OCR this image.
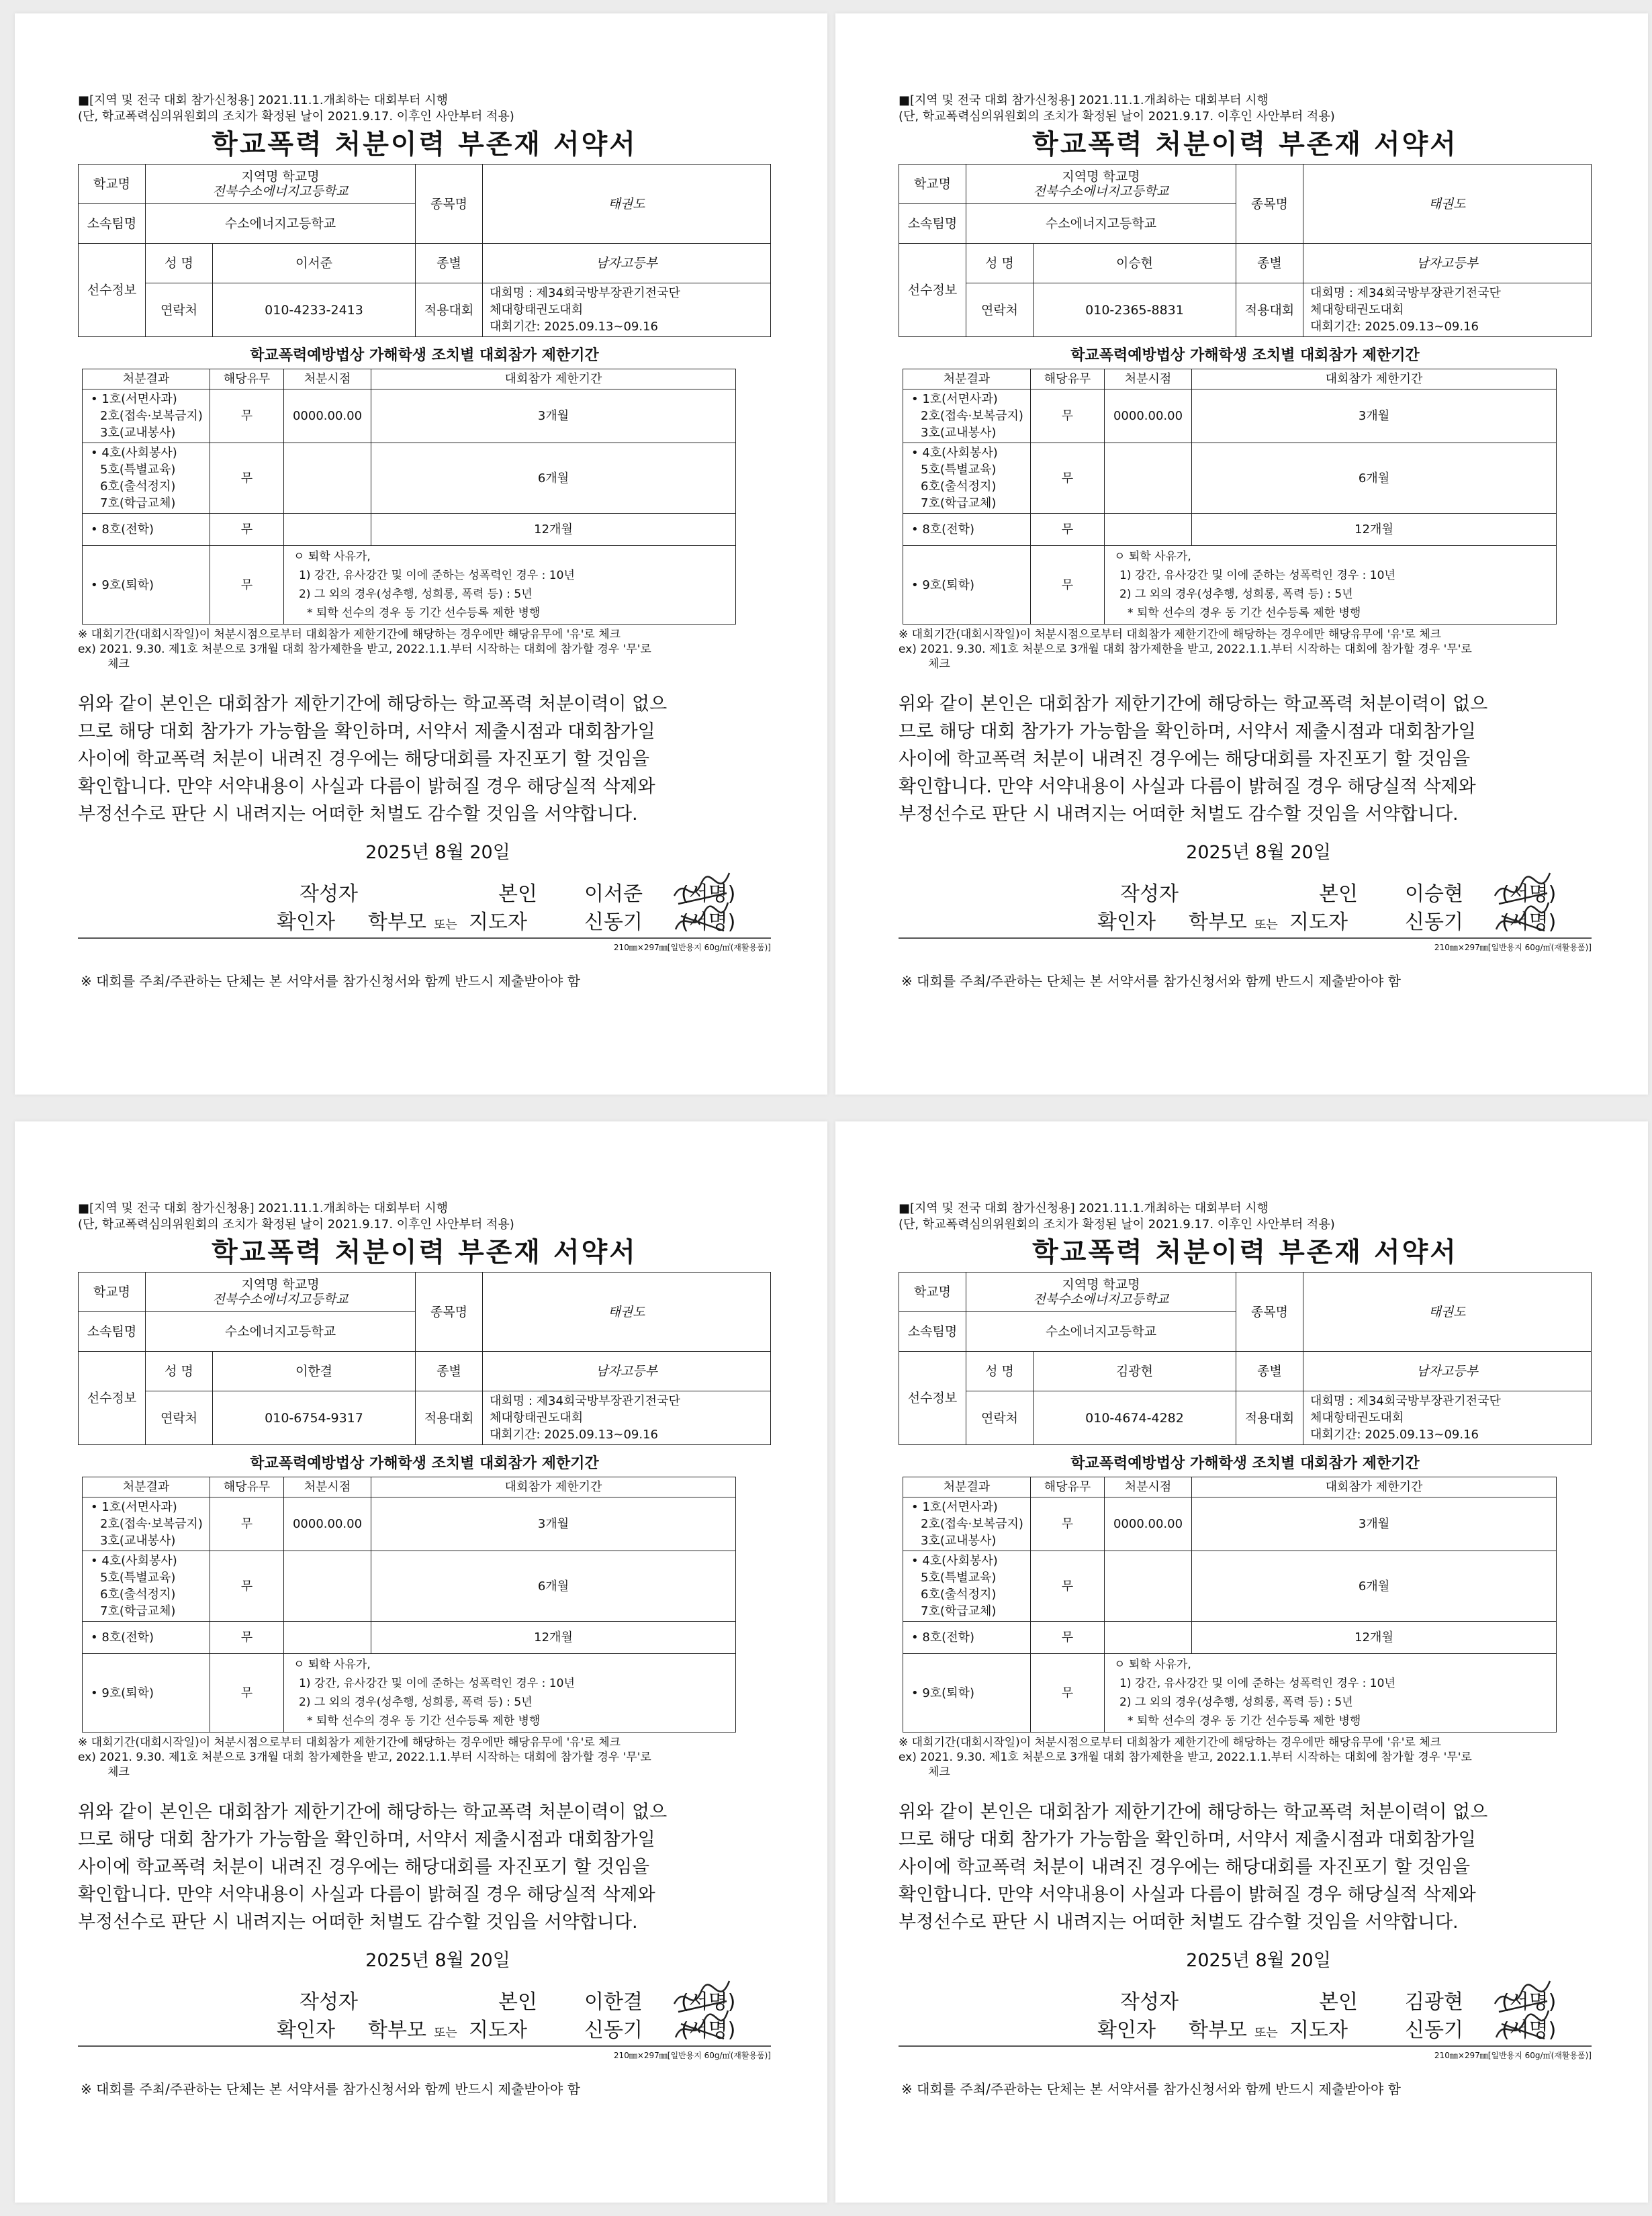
■[지역 및 전국 대회 참가신청용] 2021.11.1.개최하는 대회부터 시행
(단, 학교폭력심의위원회의 조치가 확정된 날이 2021.9.17. 이후인 사안부터 적용)
학교폭력 처분이력 부존재 서약서
학교명	지역명 학교명
전북수소에너지고등학교		종목명	태권도
소속팀명	수소에너지고등학교			
선수정보	성 명	이서준	종별	남자고등부
	연락처	010-4233-2413	적용대회	대회명 : 제34회국방부장관기전국단
체대항태권도대회
대회기간: 2025.09.13~09.16
학교폭력예방법상 가해학생 조치별 대회참가 제한기간
처분결과	해당유무	처분시점	대회참가 제한기간

• 1호(서면사과)
2호(접속·보복금지)
3호(교내봉사)	무	0000.00.00	3개월

• 4호(사회봉사)
5호(특별교육)
6호(출석정지)
7호(학급교체)	무		6개월
• 8호(전학)	무		12개월
• 9호(퇴학)	무	ㅇ 퇴학 사유가,
1) 강간, 유사강간 및 이에 준하는 성폭력인 경우 : 10년
2) 그 외의 경우(성추행, 성희롱, 폭력 등) : 5년
* 퇴학 선수의 경우 동 기간 선수등록 제한 병행	
※ 대회기간(대회시작일)이 처분시점으로부터 대회참가 제한기간에 해당하는 경우에만 해당유무에 '유'로 체크
ex) 2021. 9.30. 제1호 처분으로 3개월 대회 참가제한을 받고, 2022.1.1.부터 시작하는 대회에 참가할 경우 '무'로
체크
위와 같이 본인은 대회참가 제한기간에 해당하는 학교폭력 처분이력이 없으
므로 해당 대회 참가가 가능함을 확인하며, 서약서 제출시점과 대회참가일
사이에 학교폭력 처분이 내려진 경우에는 해당대회를 자진포기 할 것임을
확인합니다. 만약 서약내용이 사실과 다름이 밝혀질 경우 해당실적 삭제와
부정선수로 판단 시 내려지는 어떠한 처벌도 감수할 것임을 서약합니다.
2025년 8월 20일
작성자	본인 이서준 (서명)
확인자 학부모 또는 지도자	신동기 (서명)
210㎜×297㎜[일반용지 60g/㎡(재활용품)]
※ 대회를 주최/주관하는 단체는 본 서약서를 참가신청서와 함께 반드시 제출받아야 함
■[지역 및 전국 대회 참가신청용] 2021.11.1.개최하는 대회부터 시행
(단, 학교폭력심의위원회의 조치가 확정된 날이 2021.9.17. 이후인 사안부터 적용)
학교폭력 처분이력 부존재 서약서
학교명	지역명 학교명
전북수소에너지고등학교		종목명	태권도
소속팀명	수소에너지고등학교			
선수정보	성 명	이승현	종별	남자고등부
	연락처	010-2365-8831	적용대회	대회명 : 제34회국방부장관기전국단
체대항태권도대회
대회기간: 2025.09.13~09.16
학교폭력예방법상 가해학생 조치별 대회참가 제한기간
처분결과	해당유무	처분시점	대회참가 제한기간

• 1호(서면사과)
2호(접속·보복금지)
3호(교내봉사)	무	0000.00.00	3개월

• 4호(사회봉사)
5호(특별교육)
6호(출석정지)
7호(학급교체)	무		6개월
• 8호(전학)	무		12개월
• 9호(퇴학)	무	ㅇ 퇴학 사유가,
1) 강간, 유사강간 및 이에 준하는 성폭력인 경우 : 10년
2) 그 외의 경우(성추행, 성희롱, 폭력 등) : 5년
* 퇴학 선수의 경우 동 기간 선수등록 제한 병행	
※ 대회기간(대회시작일)이 처분시점으로부터 대회참가 제한기간에 해당하는 경우에만 해당유무에 '유'로 체크
ex) 2021. 9.30. 제1호 처분으로 3개월 대회 참가제한을 받고, 2022.1.1.부터 시작하는 대회에 참가할 경우 '무'로
체크
위와 같이 본인은 대회참가 제한기간에 해당하는 학교폭력 처분이력이 없으
므로 해당 대회 참가가 가능함을 확인하며, 서약서 제출시점과 대회참가일
사이에 학교폭력 처분이 내려진 경우에는 해당대회를 자진포기 할 것임을
확인합니다. 만약 서약내용이 사실과 다름이 밝혀질 경우 해당실적 삭제와
부정선수로 판단 시 내려지는 어떠한 처벌도 감수할 것임을 서약합니다.
2025년 8월 20일
작성자	본인 이승현 (서명)
확인자 학부모 또는 지도자	신동기 (서명)
210㎜×297㎜[일반용지 60g/㎡(재활용품)]
※ 대회를 주최/주관하는 단체는 본 서약서를 참가신청서와 함께 반드시 제출받아야 함
■[지역 및 전국 대회 참가신청용] 2021.11.1.개최하는 대회부터 시행
(단, 학교폭력심의위원회의 조치가 확정된 날이 2021.9.17. 이후인 사안부터 적용)
학교폭력 처분이력 부존재 서약서
학교명	지역명 학교명
전북수소에너지고등학교		종목명	태권도
소속팀명	수소에너지고등학교			
선수정보	성 명	이한결	종별	남자고등부
	연락처	010-6754-9317	적용대회	대회명 : 제34회국방부장관기전국단
체대항태권도대회
대회기간: 2025.09.13~09.16
학교폭력예방법상 가해학생 조치별 대회참가 제한기간
처분결과	해당유무	처분시점	대회참가 제한기간

• 1호(서면사과)
2호(접속·보복금지)
3호(교내봉사)	무	0000.00.00	3개월

• 4호(사회봉사)
5호(특별교육)
6호(출석정지)
7호(학급교체)	무		6개월
• 8호(전학)	무		12개월
• 9호(퇴학)	무	ㅇ 퇴학 사유가,
1) 강간, 유사강간 및 이에 준하는 성폭력인 경우 : 10년
2) 그 외의 경우(성추행, 성희롱, 폭력 등) : 5년
* 퇴학 선수의 경우 동 기간 선수등록 제한 병행	
※ 대회기간(대회시작일)이 처분시점으로부터 대회참가 제한기간에 해당하는 경우에만 해당유무에 '유'로 체크
ex) 2021. 9.30. 제1호 처분으로 3개월 대회 참가제한을 받고, 2022.1.1.부터 시작하는 대회에 참가할 경우 '무'로
체크
위와 같이 본인은 대회참가 제한기간에 해당하는 학교폭력 처분이력이 없으
므로 해당 대회 참가가 가능함을 확인하며, 서약서 제출시점과 대회참가일
사이에 학교폭력 처분이 내려진 경우에는 해당대회를 자진포기 할 것임을
확인합니다. 만약 서약내용이 사실과 다름이 밝혀질 경우 해당실적 삭제와
부정선수로 판단 시 내려지는 어떠한 처벌도 감수할 것임을 서약합니다.
2025년 8월 20일
작성자	본인 이한결 (서명)
확인자 학부모 또는 지도자	신동기 (서명)
210㎜×297㎜[일반용지 60g/㎡(재활용품)]
※ 대회를 주최/주관하는 단체는 본 서약서를 참가신청서와 함께 반드시 제출받아야 함
■[지역 및 전국 대회 참가신청용] 2021.11.1.개최하는 대회부터 시행
(단, 학교폭력심의위원회의 조치가 확정된 날이 2021.9.17. 이후인 사안부터 적용)
학교폭력 처분이력 부존재 서약서
학교명	지역명 학교명
전북수소에너지고등학교		종목명	태권도
소속팀명	수소에너지고등학교			
선수정보	성 명	김광현	종별	남자고등부
	연락처	010-4674-4282	적용대회	대회명 : 제34회국방부장관기전국단
체대항태권도대회
대회기간: 2025.09.13~09.16
학교폭력예방법상 가해학생 조치별 대회참가 제한기간
처분결과	해당유무	처분시점	대회참가 제한기간

• 1호(서면사과)
2호(접속·보복금지)
3호(교내봉사)	무	0000.00.00	3개월

• 4호(사회봉사)
5호(특별교육)
6호(출석정지)
7호(학급교체)	무		6개월
• 8호(전학)	무		12개월
• 9호(퇴학)	무	ㅇ 퇴학 사유가,
1) 강간, 유사강간 및 이에 준하는 성폭력인 경우 : 10년
2) 그 외의 경우(성추행, 성희롱, 폭력 등) : 5년
* 퇴학 선수의 경우 동 기간 선수등록 제한 병행	
※ 대회기간(대회시작일)이 처분시점으로부터 대회참가 제한기간에 해당하는 경우에만 해당유무에 '유'로 체크
ex) 2021. 9.30. 제1호 처분으로 3개월 대회 참가제한을 받고, 2022.1.1.부터 시작하는 대회에 참가할 경우 '무'로
체크
위와 같이 본인은 대회참가 제한기간에 해당하는 학교폭력 처분이력이 없으
므로 해당 대회 참가가 가능함을 확인하며, 서약서 제출시점과 대회참가일
사이에 학교폭력 처분이 내려진 경우에는 해당대회를 자진포기 할 것임을
확인합니다. 만약 서약내용이 사실과 다름이 밝혀질 경우 해당실적 삭제와
부정선수로 판단 시 내려지는 어떠한 처벌도 감수할 것임을 서약합니다.
2025년 8월 20일
작성자	본인 김광현 (서명)
확인자 학부모 또는 지도자	신동기 (서명)
210㎜×297㎜[일반용지 60g/㎡(재활용품)]
※ 대회를 주최/주관하는 단체는 본 서약서를 참가신청서와 함께 반드시 제출받아야 함
